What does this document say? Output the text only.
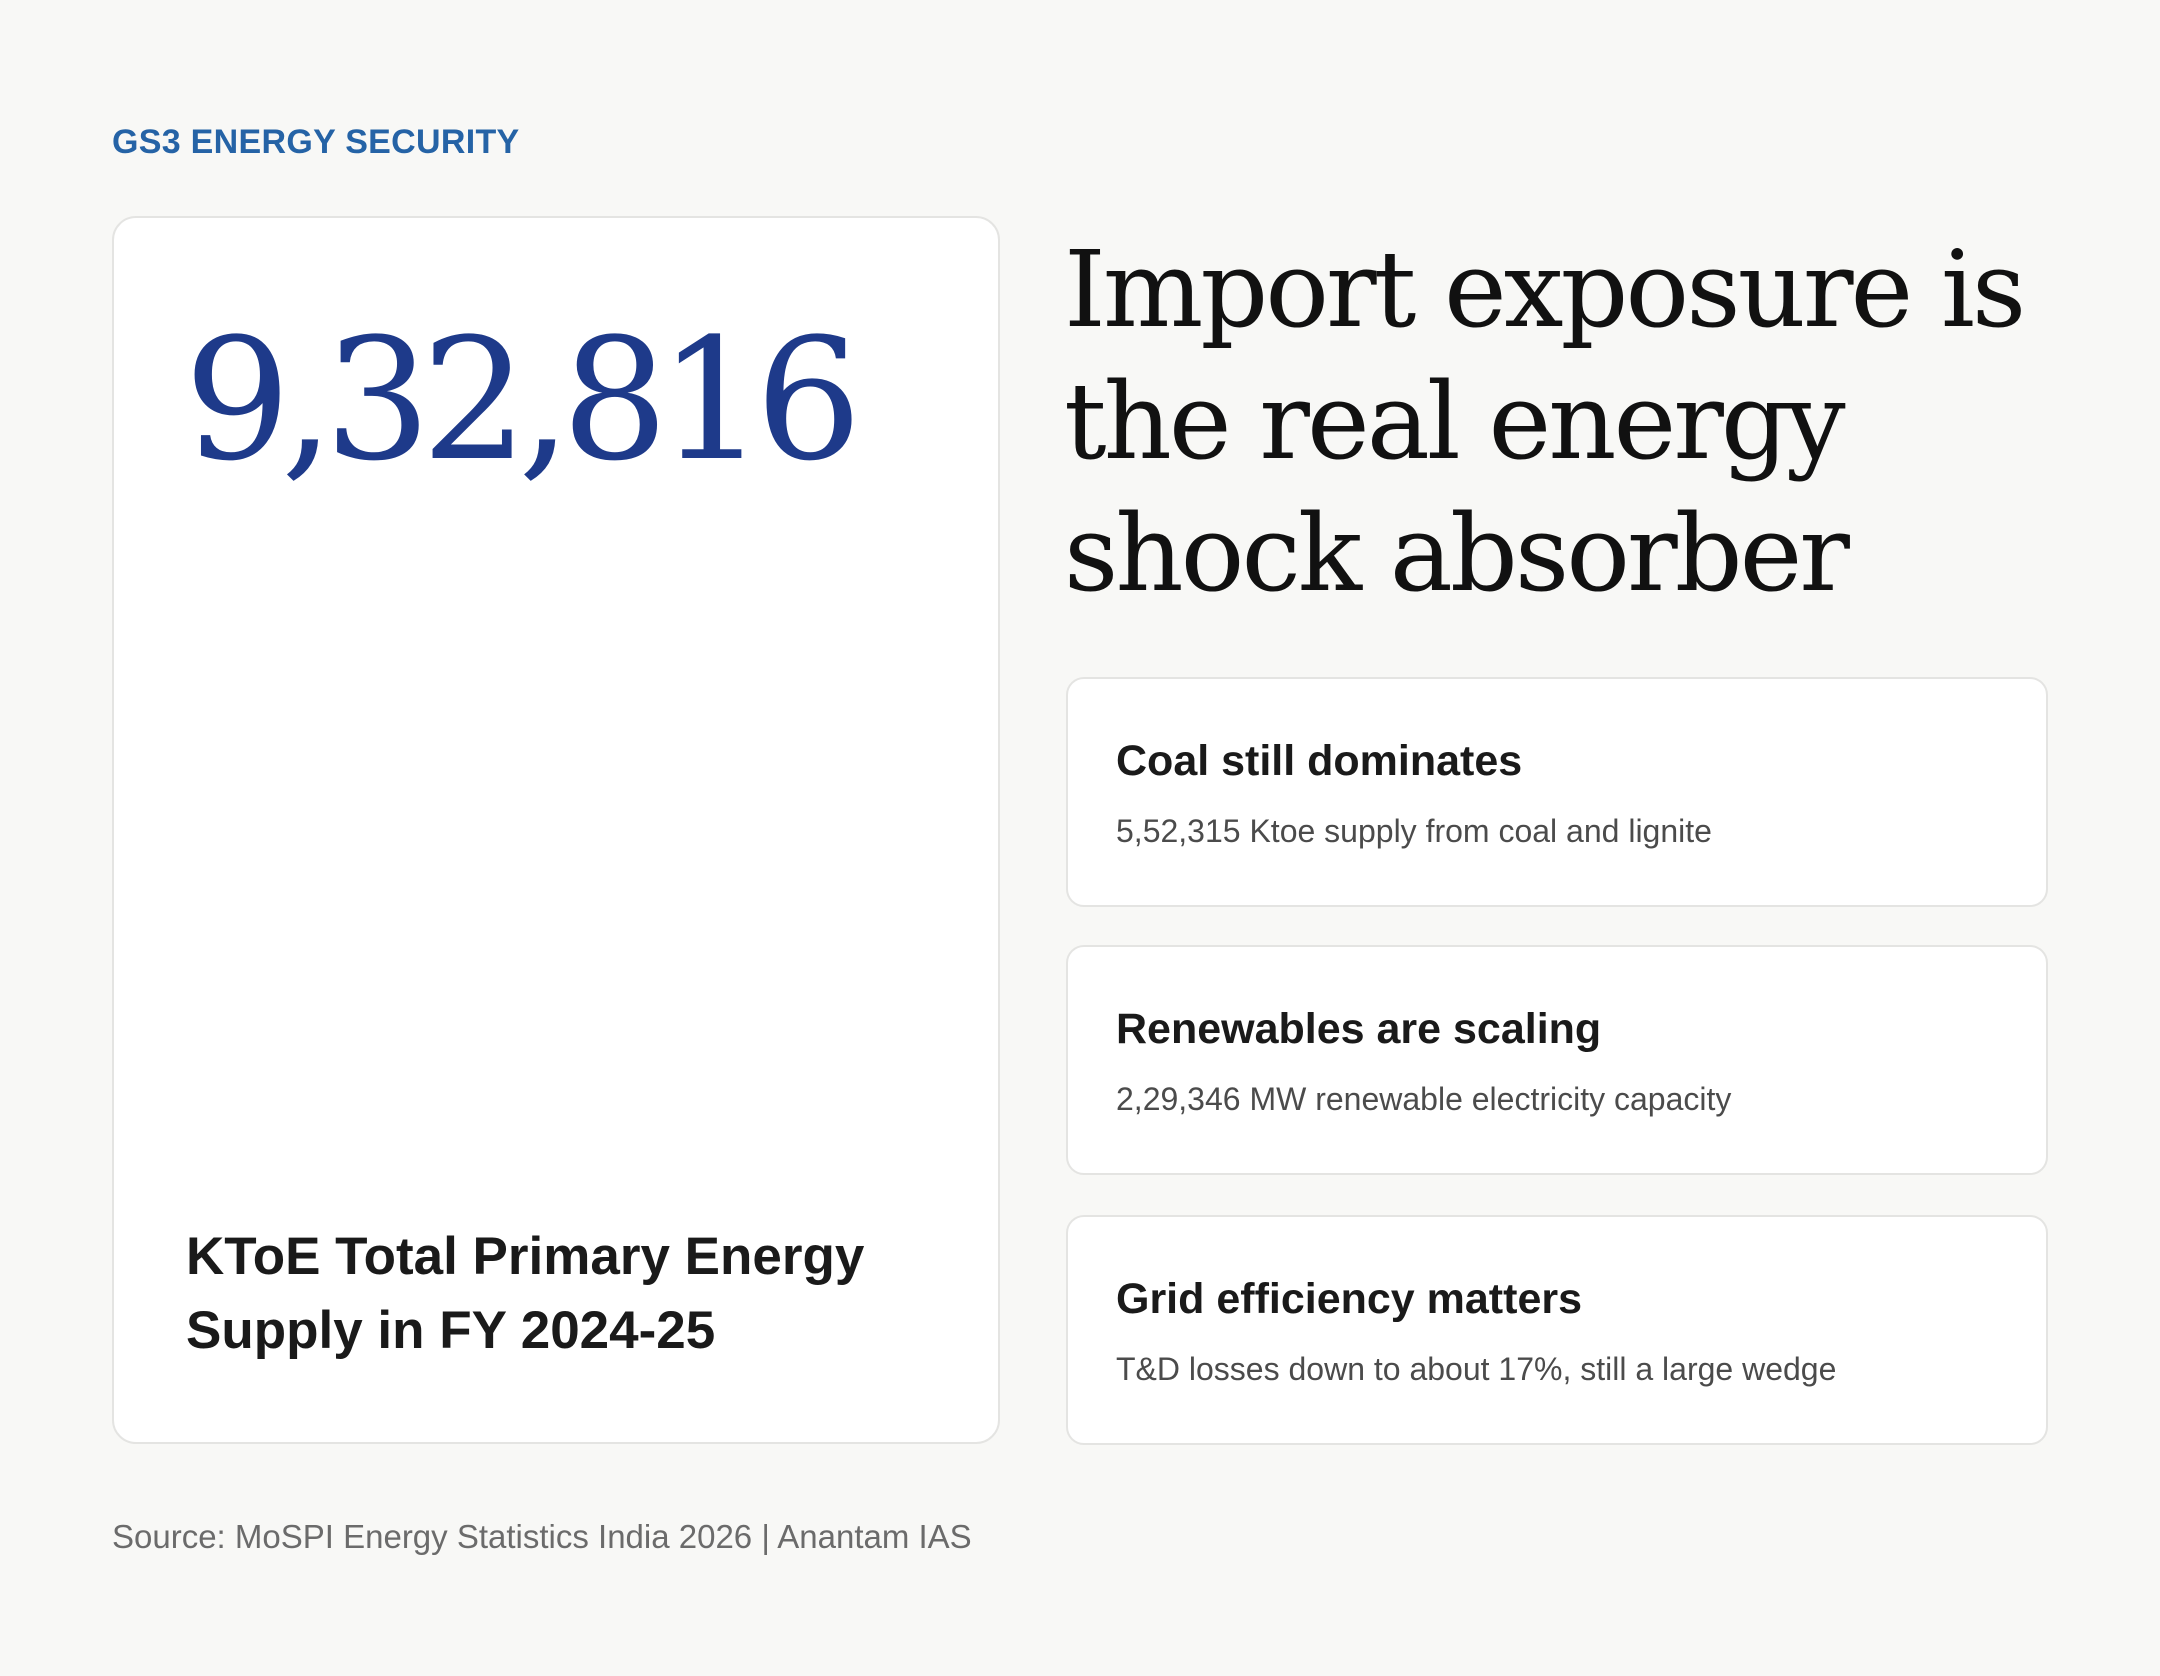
GS3 ENERGY SECURITY

9,32,816

KToE Total Primary Energy Supply in FY 2024-25

Import exposure is the real energy shock absorber

Coal still dominates

5,52,315 Ktoe supply from coal and lignite

Renewables are scaling

2,29,346 MW renewable electricity capacity

Grid efficiency matters

T&D losses down to about 17%, still a large wedge

Source: MoSPI Energy Statistics India 2026 | Anantam IAS
